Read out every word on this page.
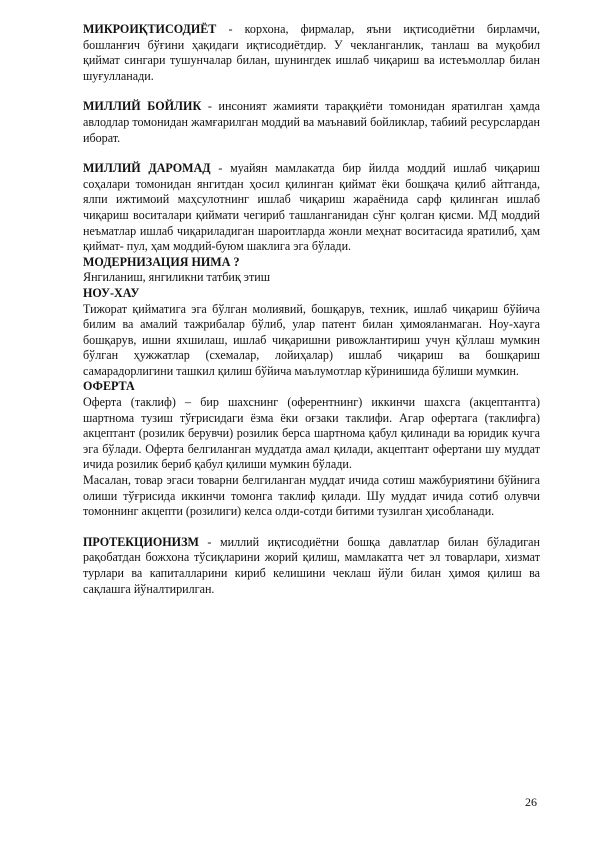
МИКРОИҚТИСОДИЁТ - корхона, фирмалар, яъни иқтисодиётни бирламчи, бошланғич бўғини ҳақидаги иқтисодиётдир. У чекланганлик, танлаш ва муқобил қиймат сингари тушунчалар билан, шунингдек ишлаб чиқариш ва истеъмоллар билан шуғулланади.

МИЛЛИЙ БОЙЛИК - инсоният жамияти тараққиёти томонидан яратилган ҳамда авлодлар томонидан жамғарилган моддий ва маънавий бойликлар, табиий ресурслардан иборат.

МИЛЛИЙ ДАРОМАД - муайян мамлакатда бир йилда моддий ишлаб чиқариш соҳалари томонидан янгитдан ҳосил қилинган қиймат ёки бошқача қилиб айтганда, ялпи ижтимоий маҳсулотнинг ишлаб чиқариш жараёнида сарф қилинган ишлаб чиқариш воситалари қиймати чегириб ташланганидан сўнг қолган қисми. МД моддий неъматлар ишлаб чиқариладиган шароитларда жонли меҳнат воситасида яратилиб, ҳам қиймат- пул, ҳам моддий-буюм шаклига эга бўлади.

МОДЕРНИЗАЦИЯ НИМА ?

Янгиланиш, янгиликни татбиқ этиш

НОУ-ХАУ

Тижорат қийматига эга бўлган молиявий, бошқарув, техник, ишлаб чиқариш бўйича билим ва амалий тажрибалар бўлиб, улар патент билан ҳимояланмаган. Ноу-хауга бошқарув, ишни яхшилаш, ишлаб чиқаришни ривожлантириш учун қўллаш мумкин бўлган ҳужжатлар (схемалар, лойиҳалар) ишлаб чиқариш ва бошқариш самарадорлигини ташкил қилиш бўйича маълумотлар кўринишида бўлиши мумкин.

ОФЕРТА

Оферта (таклиф) – бир шахснинг (оферентнинг) иккинчи шахсга (акцептантга) шартнома тузиш тўғрисидаги ёзма ёки оғзаки таклифи. Агар офертага (таклифга) акцептант (розилик берувчи) розилик берса шартнома қабул қилинади ва юридик кучга эга бўлади. Оферта белгиланган муддатда амал қилади, акцептант офертани шу муддат ичида розилик бериб қабул қилиши мумкин бўлади.

Масалан, товар эгаси товарни белгиланган муддат ичида сотиш мажбуриятини бўйнига олиши тўғрисида иккинчи томонга таклиф қилади. Шу муддат ичида сотиб олувчи томоннинг акцепти (розилиги) келса олди-сотди битими тузилган ҳисобланади.

ПРОТЕКЦИОНИЗМ - миллий иқтисодиётни бошқа давлатлар билан бўладиган рақобатдан божхона тўсиқларини жорий қилиш, мамлакатга чет эл товарлари, хизмат турлари ва капиталларини кириб келишини чеклаш йўли билан ҳимоя қилиш ва сақлашга йўналтирилган.

26
